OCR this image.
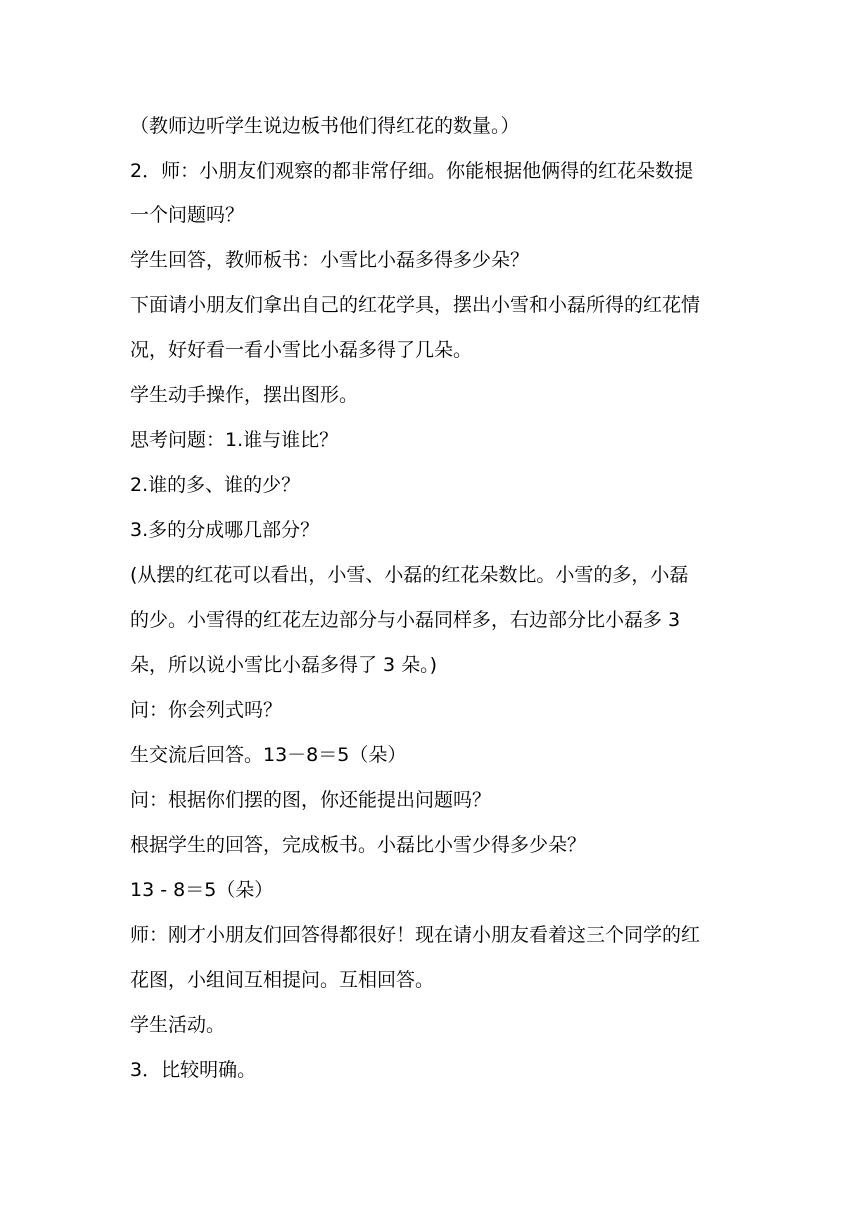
（教师边听学生说边板书他们得红花的数量。）
2．师：小朋友们观察的都非常仔细。你能根据他俩得的红花朵数提
一个问题吗？
学生回答，教师板书：小雪比小磊多得多少朵？
下面请小朋友们拿出自己的红花学具，摆出小雪和小磊所得的红花情
况，好好看一看小雪比小磊多得了几朵。
学生动手操作，摆出图形。
思考问题：1.谁与谁比？
2.谁的多、谁的少？
3.多的分成哪几部分？
(从摆的红花可以看出，小雪、小磊的红花朵数比。小雪的多，小磊
的少。小雪得的红花左边部分与小磊同样多，右边部分比小磊多 3
朵，所以说小雪比小磊多得了 3 朵。)
问：你会列式吗？
生交流后回答。13－8＝5（朵）
问：根据你们摆的图，你还能提出问题吗？
根据学生的回答，完成板书。小磊比小雪少得多少朵？
13 - 8＝5（朵）
师：刚才小朋友们回答得都很好！现在请小朋友看着这三个同学的红
花图，小组间互相提问。互相回答。
学生活动。
3．比较明确。
